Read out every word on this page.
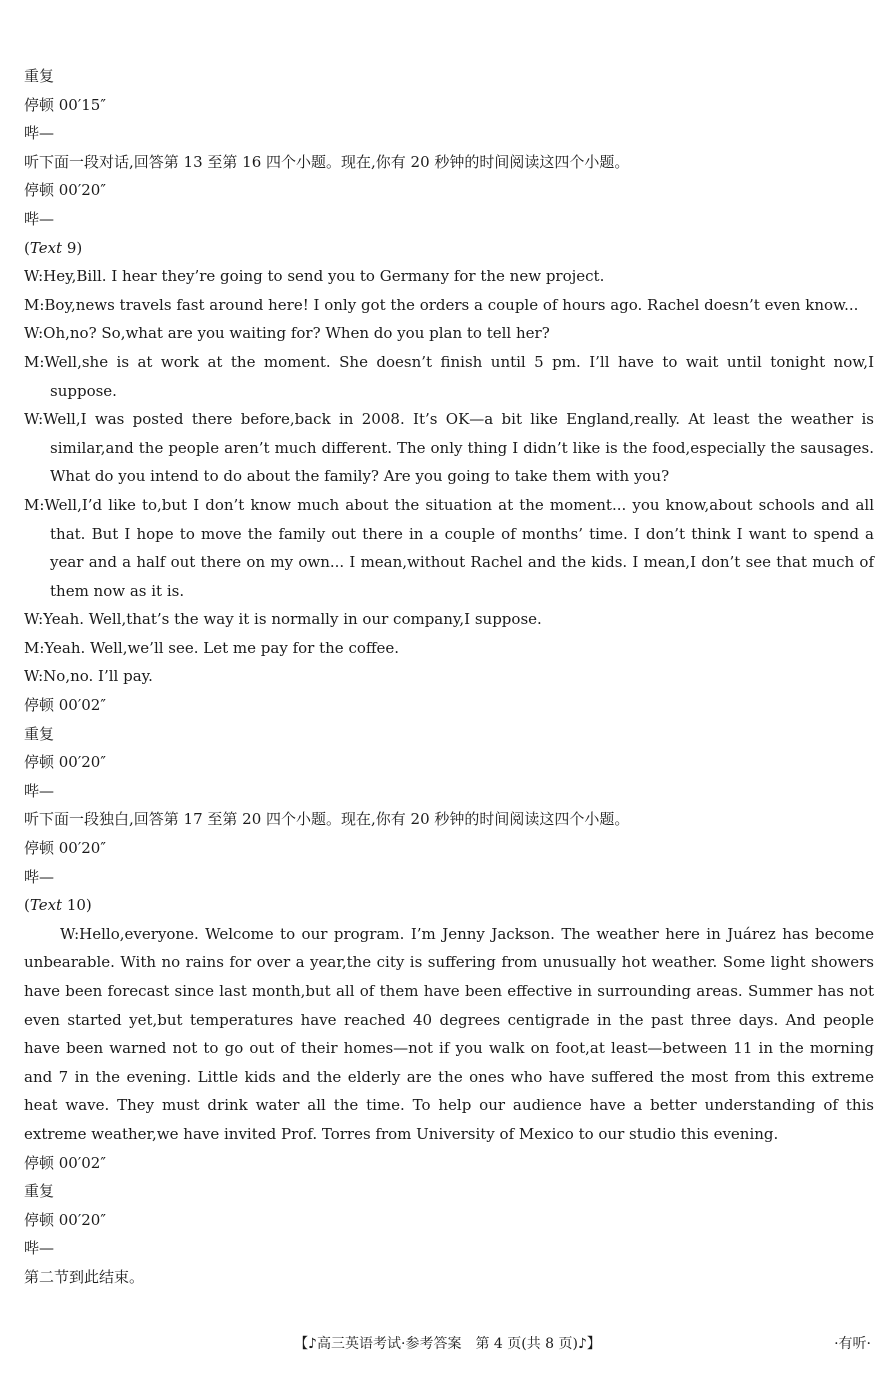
重复
停顿 00′15″
哔—
听下面一段对话,回答第 13 至第 16 四个小题。现在,你有 20 秒钟的时间阅读这四个小题。
停顿 00′20″
哔—
(Text 9)
W:Hey,Bill. I hear they’re going to send you to Germany for the new project.
M:Boy,news travels fast around here! I only got the orders a couple of hours ago. Rachel doesn’t even know...
W:Oh,no? So,what are you waiting for? When do you plan to tell her?
M:Well,she is at work at the moment. She doesn’t finish until 5 pm. I’ll have to wait until tonight now,I suppose.
W:Well,I was posted there before,back in 2008. It’s OK—a bit like England,really. At least the weather is similar,and the people aren’t much different. The only thing I didn’t like is the food,especially the sausages. What do you intend to do about the family? Are you going to take them with you?
M:Well,I’d like to,but I don’t know much about the situation at the moment... you know,about schools and all that. But I hope to move the family out there in a couple of months’ time. I don’t think I want to spend a year and a half out there on my own... I mean,without Rachel and the kids. I mean,I don’t see that much of them now as it is.
W:Yeah. Well,that’s the way it is normally in our company,I suppose.
M:Yeah. Well,we’ll see. Let me pay for the coffee.
W:No,no. I’ll pay.
停顿 00′02″
重复
停顿 00′20″
哔—
听下面一段独白,回答第 17 至第 20 四个小题。现在,你有 20 秒钟的时间阅读这四个小题。
停顿 00′20″
哔—
(Text 10)
W:Hello,everyone. Welcome to our program. I’m Jenny Jackson. The weather here in Juárez has become unbearable. With no rains for over a year,the city is suffering from unusually hot weather. Some light showers have been forecast since last month,but all of them have been effective in surrounding areas. Summer has not even started yet,but temperatures have reached 40 degrees centigrade in the past three days. And people have been warned not to go out of their homes—not if you walk on foot,at least—between 11 in the morning and 7 in the evening. Little kids and the elderly are the ones who have suffered the most from this extreme heat wave. They must drink water all the time. To help our audience have a better understanding of this extreme weather,we have invited Prof. Torres from University of Mexico to our studio this evening.
停顿 00′02″
重复
停顿 00′20″
哔—
第二节到此结束。
【♪高三英语考试·参考答案　第 4 页(共 8 页)♪】	·有听·
